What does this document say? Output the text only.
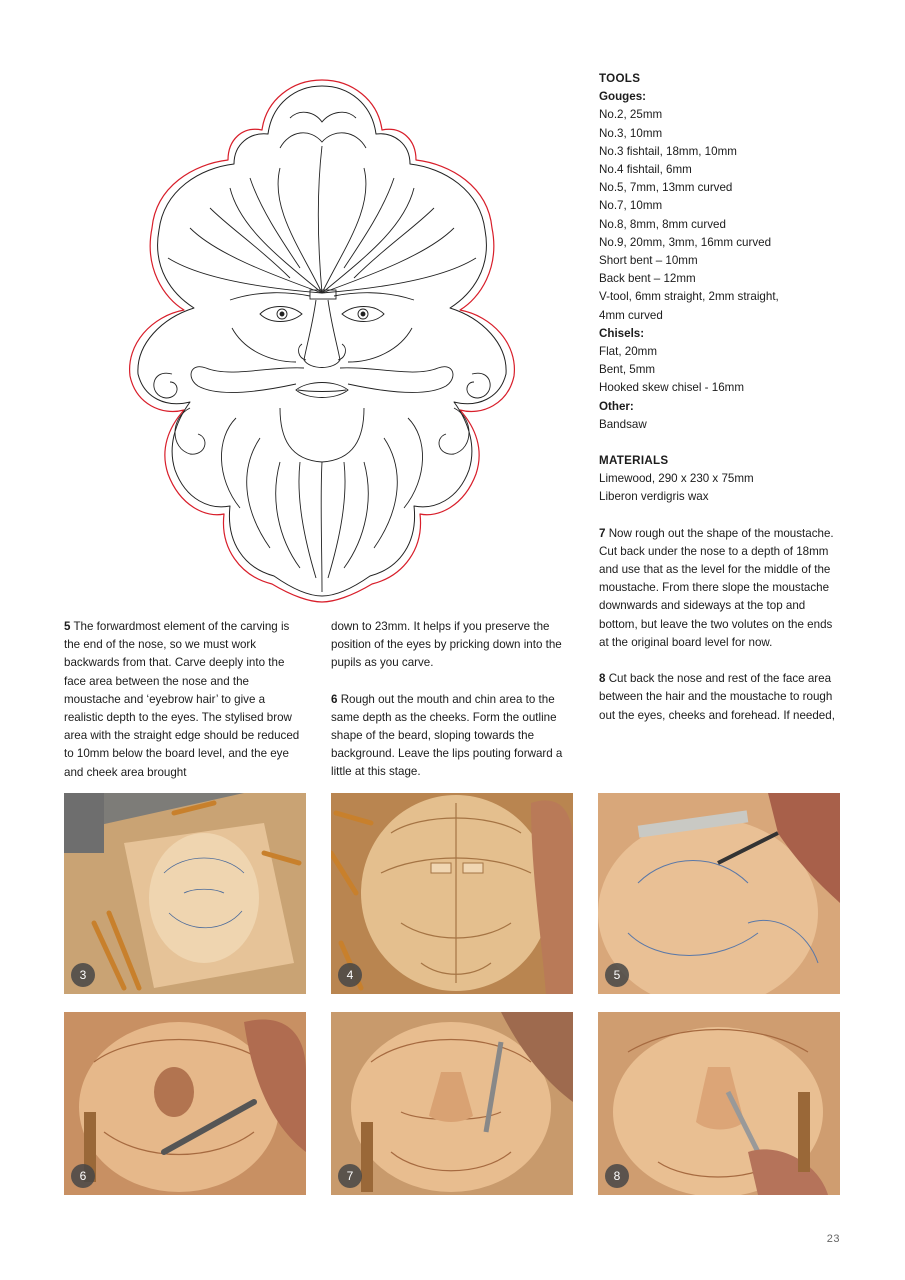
TOOLS
Gouges:
No.2, 25mm
No.3, 10mm
No.3 fishtail, 18mm, 10mm
No.4 fishtail, 6mm
No.5, 7mm, 13mm curved
No.7, 10mm
No.8, 8mm, 8mm curved
No.9, 20mm, 3mm, 16mm curved
Short bent – 10mm
Back bent – 12mm
V-tool, 6mm straight, 2mm straight,
4mm curved
Chisels:
Flat, 20mm
Bent, 5mm
Hooked skew chisel - 16mm
Other:
Bandsaw
MATERIALS
Limewood, 290 x 230 x 75mm
Liberon verdigris wax

7 Now rough out the shape of the moustache. Cut back under the nose to a depth of 18mm and use that as the level for the middle of the moustache. From there slope the moustache downwards and sideways at the top and bottom, but leave the two volutes on the ends at the original board level for now.

8 Cut back the nose and rest of the face area between the hair and the moustache to rough out the eyes, cheeks and forehead. If needed,

5 The forwardmost element of the carving is the end of the nose, so we must work backwards from that. Carve deeply into the face area between the nose and the moustache and ‘eyebrow hair’ to give a realistic depth to the eyes. The stylised brow area with the straight edge should be reduced to 10mm below the board level, and the eye and cheek area brought

down to 23mm. It helps if you preserve the position of the eyes by pricking down into the pupils as you carve.

6 Rough out the mouth and chin area to the same depth as the cheeks. Form the outline shape of the beard, sloping towards the background. Leave the lips pouting forward a little at this stage.

3	4	5
6	7	8
23
